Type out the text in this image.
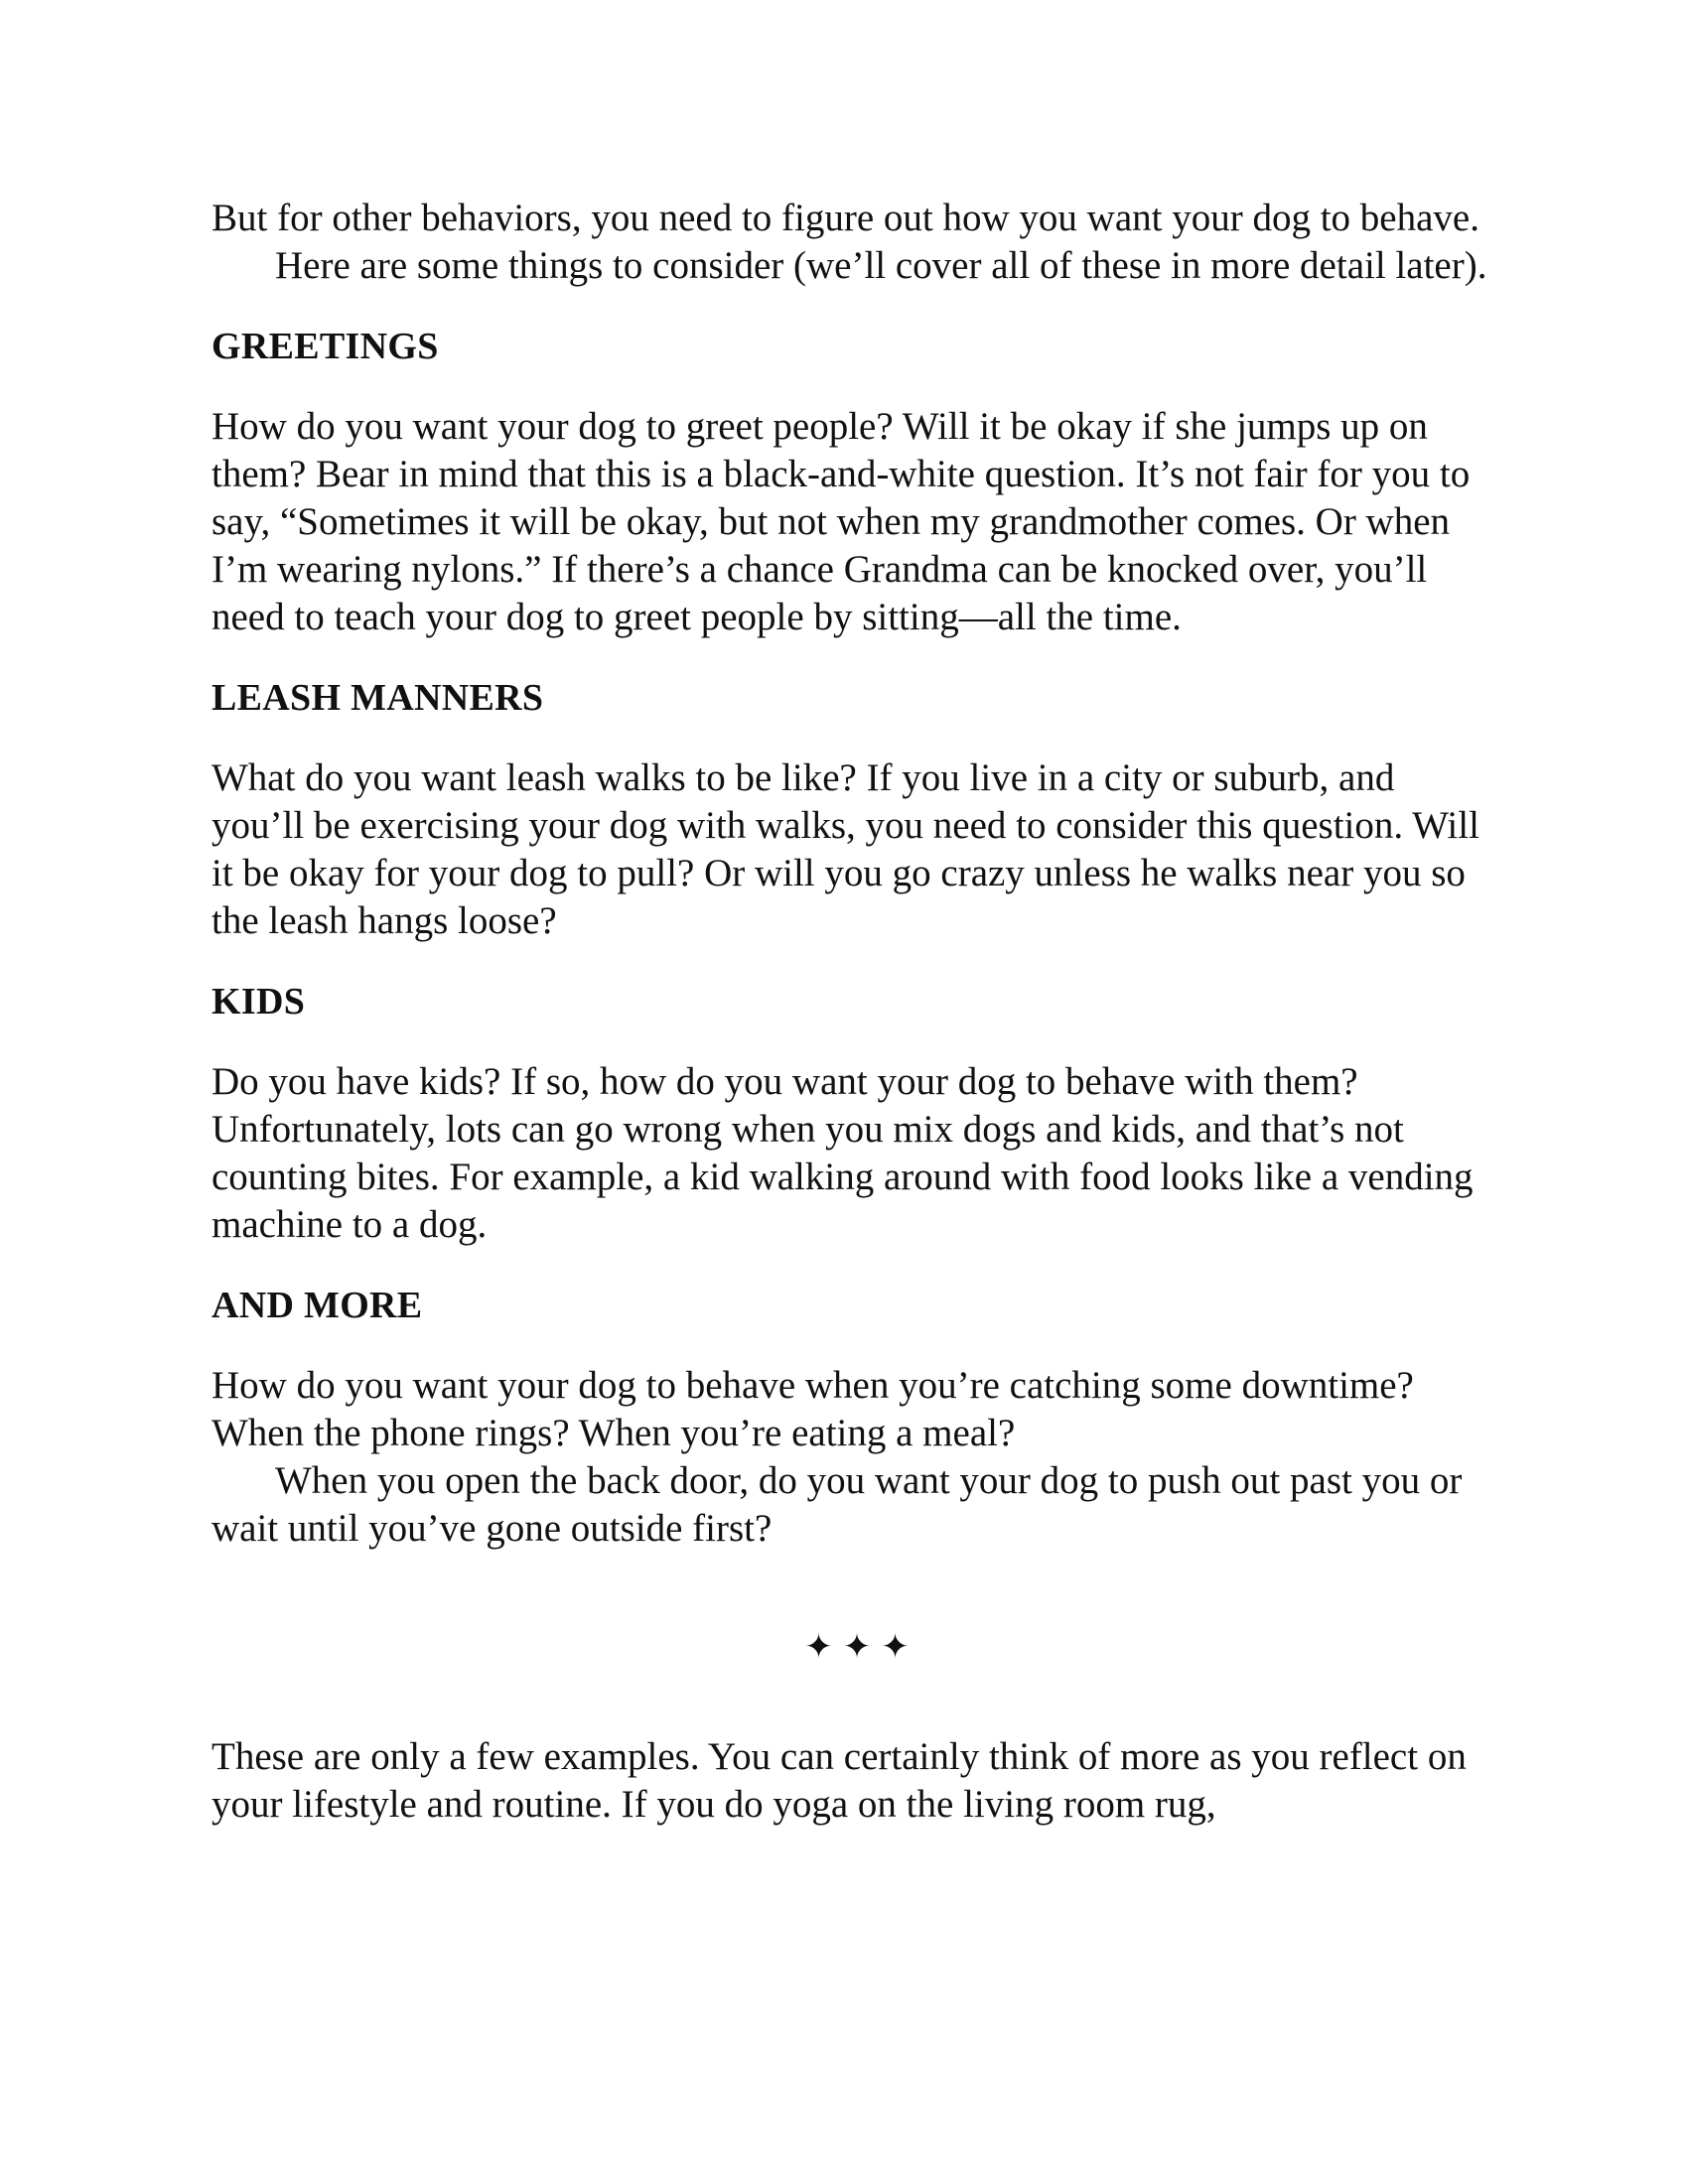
But for other behaviors, you need to figure out how you want your dog to behave.

Here are some things to consider (we’ll cover all of these in more detail later).

GREETINGS

How do you want your dog to greet people? Will it be okay if she jumps up on them? Bear in mind that this is a black-and-white question. It’s not fair for you to say, “Sometimes it will be okay, but not when my grandmother comes. Or when I’m wearing nylons.” If there’s a chance Grandma can be knocked over, you’ll need to teach your dog to greet people by sitting—all the time.

LEASH MANNERS

What do you want leash walks to be like? If you live in a city or suburb, and you’ll be exercising your dog with walks, you need to consider this question. Will it be okay for your dog to pull? Or will you go crazy unless he walks near you so the leash hangs loose?

KIDS

Do you have kids? If so, how do you want your dog to behave with them? Unfortunately, lots can go wrong when you mix dogs and kids, and that’s not counting bites. For example, a kid walking around with food looks like a vending machine to a dog.

AND MORE

How do you want your dog to behave when you’re catching some downtime? When the phone rings? When you’re eating a meal?

When you open the back door, do you want your dog to push out past you or wait until you’ve gone outside first?

✦✦✦

These are only a few examples. You can certainly think of more as you reflect on your lifestyle and routine. If you do yoga on the living room rug,
